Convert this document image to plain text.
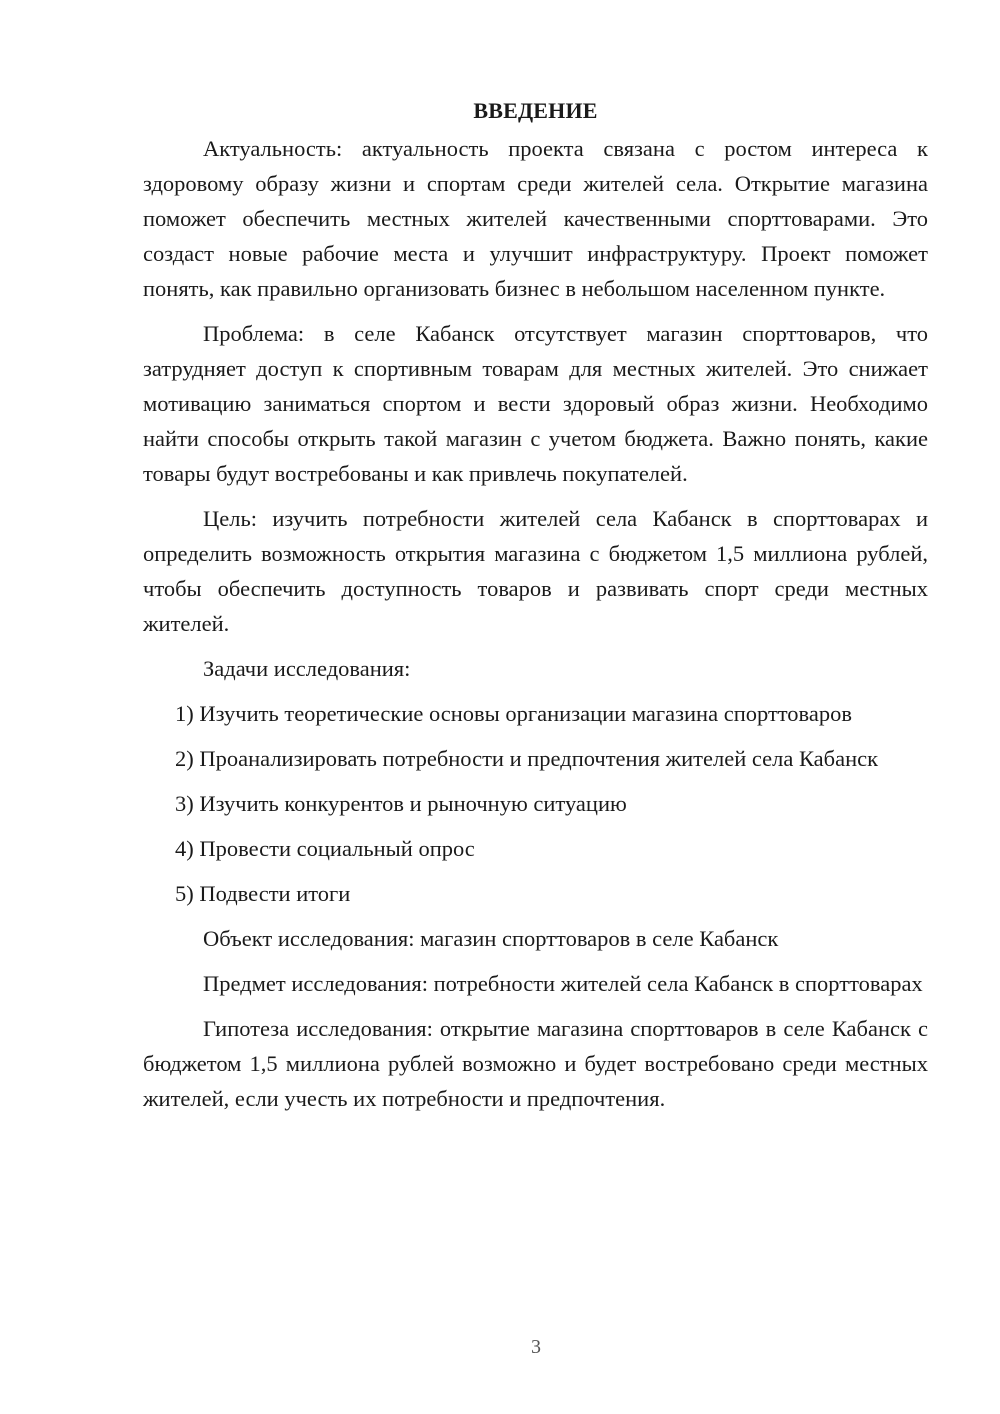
ВВЕДЕНИЕ

Актуальность: актуальность проекта связана с ростом интереса к здоровому образу жизни и спортам среди жителей села. Открытие магазина поможет обеспечить местных жителей качественными спорттоварами. Это создаст новые рабочие места и улучшит инфраструктуру. Проект поможет понять, как правильно организовать бизнес в небольшом населенном пункте.

Проблема: в селе Кабанск отсутствует магазин спорттоваров, что затрудняет доступ к спортивным товарам для местных жителей. Это снижает мотивацию заниматься спортом и вести здоровый образ жизни. Необходимо найти способы открыть такой магазин с учетом бюджета. Важно понять, какие товары будут востребованы и как привлечь покупателей.

Цель: изучить потребности жителей села Кабанск в спорттоварах и определить возможность открытия магазина с бюджетом 1,5 миллиона рублей, чтобы обеспечить доступность товаров и развивать спорт среди местных жителей.

Задачи исследования:

1) Изучить теоретические основы организации магазина спорттоваров

2) Проанализировать потребности и предпочтения жителей села Кабанск

3) Изучить конкурентов и рыночную ситуацию

4) Провести социальный опрос

5) Подвести итоги

Объект исследования: магазин спорттоваров в селе Кабанск

Предмет исследования: потребности жителей села Кабанск в спорттоварах

Гипотеза исследования: открытие магазина спорттоваров в селе Кабанск с бюджетом 1,5 миллиона рублей возможно и будет востребовано среди местных жителей, если учесть их потребности и предпочтения.

3
